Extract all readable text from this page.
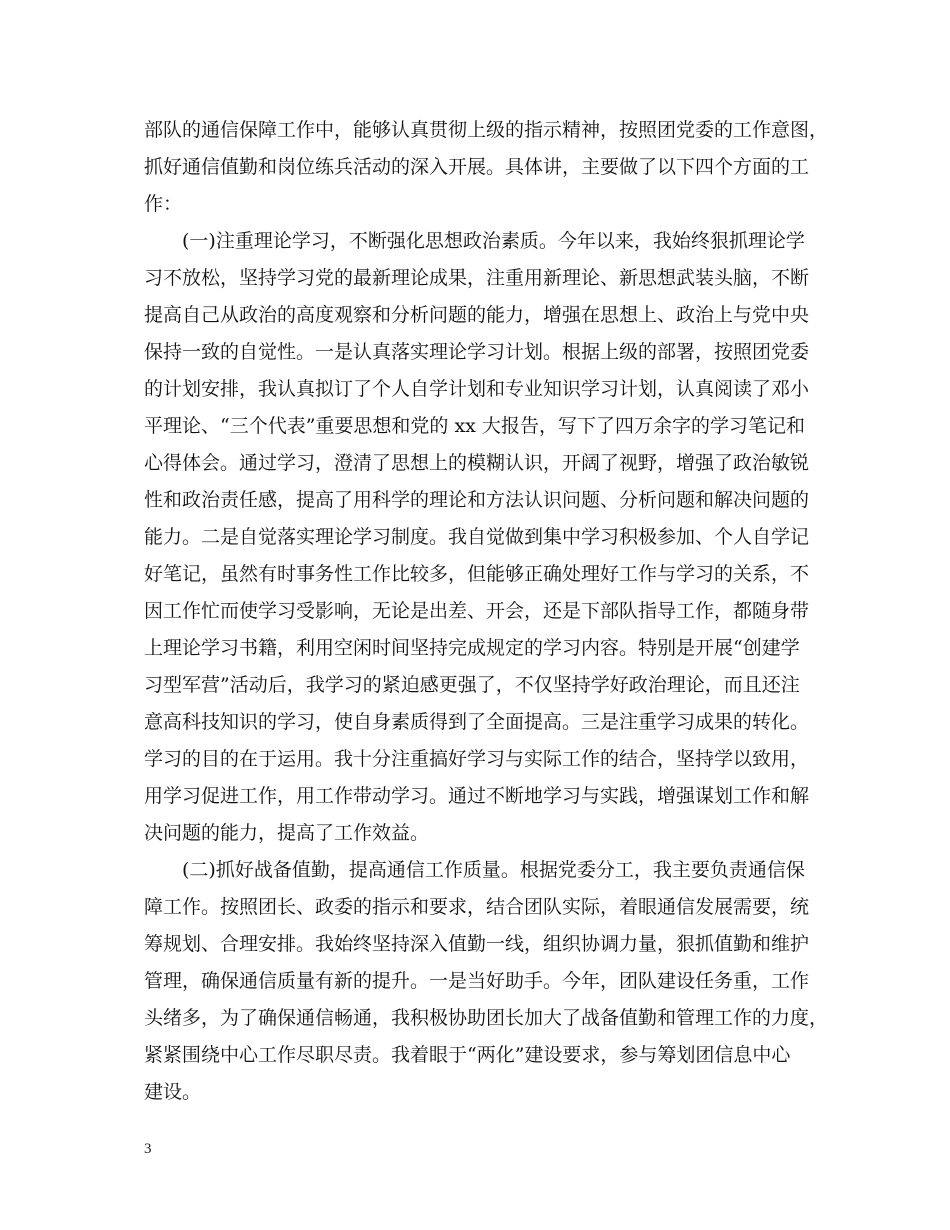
部队的通信保障工作中，能够认真贯彻上级的指示精神，按照团党委的工作意图，
抓好通信值勤和岗位练兵活动的深入开展。具体讲，主要做了以下四个方面的工
作：
　　(一)注重理论学习，不断强化思想政治素质。今年以来，我始终狠抓理论学
习不放松，坚持学习党的最新理论成果，注重用新理论、新思想武装头脑，不断
提高自己从政治的高度观察和分析问题的能力，增强在思想上、政治上与党中央
保持一致的自觉性。一是认真落实理论学习计划。根据上级的部署，按照团党委
的计划安排，我认真拟订了个人自学计划和专业知识学习计划，认真阅读了邓小
平理论、“三个代表”重要思想和党的 xx 大报告，写下了四万余字的学习笔记和
心得体会。通过学习，澄清了思想上的模糊认识，开阔了视野，增强了政治敏锐
性和政治责任感，提高了用科学的理论和方法认识问题、分析问题和解决问题的
能力。二是自觉落实理论学习制度。我自觉做到集中学习积极参加、个人自学记
好笔记，虽然有时事务性工作比较多，但能够正确处理好工作与学习的关系，不
因工作忙而使学习受影响，无论是出差、开会，还是下部队指导工作，都随身带
上理论学习书籍，利用空闲时间坚持完成规定的学习内容。特别是开展“创建学
习型军营”活动后，我学习的紧迫感更强了，不仅坚持学好政治理论，而且还注
意高科技知识的学习，使自身素质得到了全面提高。三是注重学习成果的转化。
学习的目的在于运用。我十分注重搞好学习与实际工作的结合，坚持学以致用，
用学习促进工作，用工作带动学习。通过不断地学习与实践，增强谋划工作和解
决问题的能力，提高了工作效益。
　　(二)抓好战备值勤，提高通信工作质量。根据党委分工，我主要负责通信保
障工作。按照团长、政委的指示和要求，结合团队实际，着眼通信发展需要，统
筹规划、合理安排。我始终坚持深入值勤一线，组织协调力量，狠抓值勤和维护
管理，确保通信质量有新的提升。一是当好助手。今年，团队建设任务重，工作
头绪多，为了确保通信畅通，我积极协助团长加大了战备值勤和管理工作的力度，
紧紧围绕中心工作尽职尽责。我着眼于“两化”建设要求，参与筹划团信息中心
建设。
3
